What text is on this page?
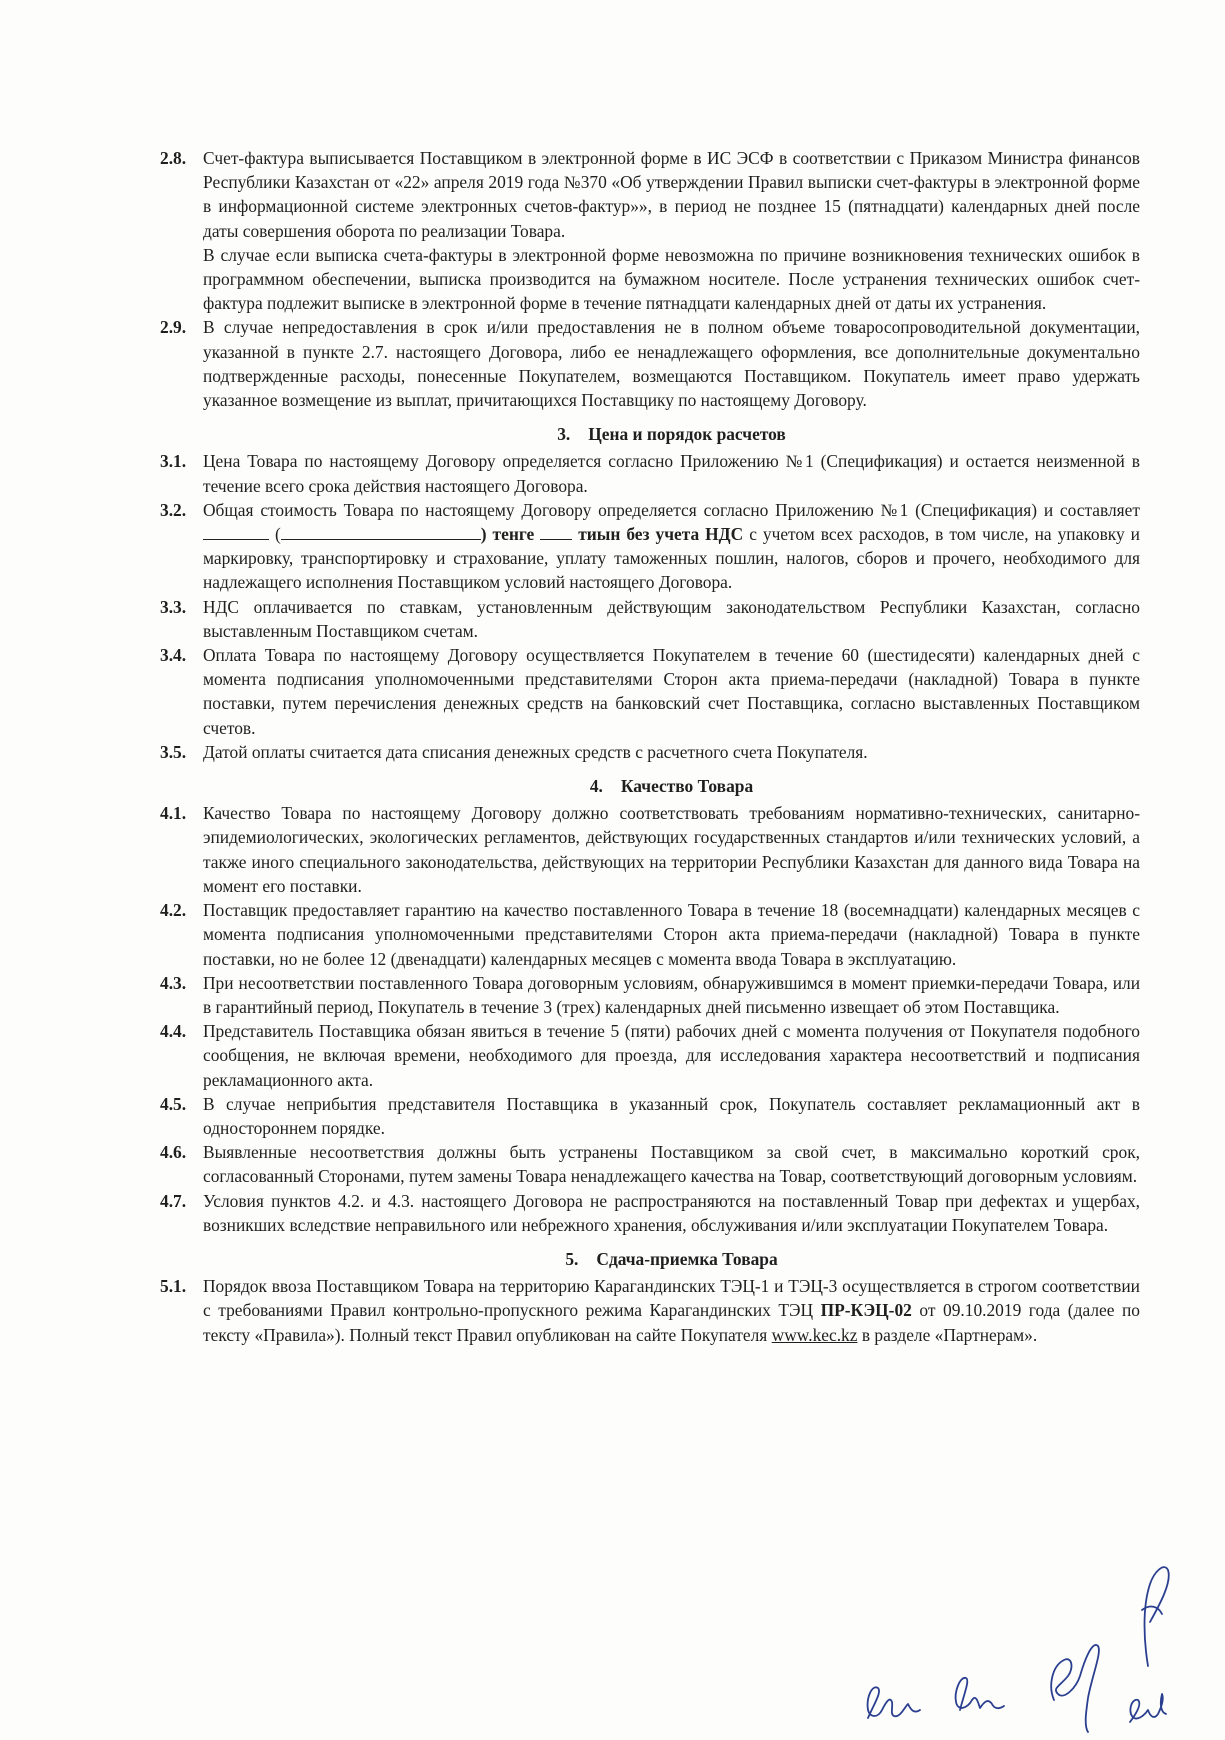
2.8. Счет-фактура выписывается Поставщиком в электронной форме в ИС ЭСФ в соответствии с Приказом Министра финансов Республики Казахстан от «22» апреля 2019 года №370 «Об утверждении Правил выписки счет-фактуры в электронной форме в информационной системе электронных счетов-фактур»», в период не позднее 15 (пятнадцати) календарных дней после даты совершения оборота по реализации Товара.

В случае если выписка счета-фактуры в электронной форме невозможна по причине возникновения технических ошибок в программном обеспечении, выписка производится на бумажном носителе. После устранения технических ошибок счет-фактура подлежит выписке в электронной форме в течение пятнадцати календарных дней от даты их устранения.

2.9. В случае непредоставления в срок и/или предоставления не в полном объеме товаросопроводительной документации, указанной в пункте 2.7. настоящего Договора, либо ее ненадлежащего оформления, все дополнительные документально подтвержденные расходы, понесенные Покупателем, возмещаются Поставщиком. Покупатель имеет право удержать указанное возмещение из выплат, причитающихся Поставщику по настоящему Договору.

3. Цена и порядок расчетов
3.1. Цена Товара по настоящему Договору определяется согласно Приложению №1 (Спецификация) и остается неизменной в течение всего срока действия настоящего Договора.

3.2. Общая стоимость Товара по настоящему Договору определяется согласно Приложению №1 (Спецификация) и составляет  (	) тенге	тиын без учета НДС с учетом всех расходов, в том числе, на упаковку и маркировку, транспортировку и страхование, уплату таможенных пошлин, налогов, сборов и прочего, необходимого для надлежащего исполнения Поставщиком условий настоящего Договора.

3.3. НДС оплачивается по ставкам, установленным действующим законодательством Республики Казахстан, согласно выставленным Поставщиком счетам.

3.4. Оплата Товара по настоящему Договору осуществляется Покупателем в течение 60 (шестидесяти) календарных дней с момента подписания уполномоченными представителями Сторон акта приема-передачи (накладной) Товара в пункте поставки, путем перечисления денежных средств на банковский счет Поставщика, согласно выставленных Поставщиком счетов.

3.5. Датой оплаты считается дата списания денежных средств с расчетного счета Покупателя.

4. Качество Товара
4.1. Качество Товара по настоящему Договору должно соответствовать требованиям нормативно-технических, санитарно-эпидемиологических, экологических регламентов, действующих государственных стандартов и/или технических условий, а также иного специального законодательства, действующих на территории Республики Казахстан для данного вида Товара на момент его поставки.

4.2. Поставщик предоставляет гарантию на качество поставленного Товара в течение 18 (восемнадцати) календарных месяцев с момента подписания уполномоченными представителями Сторон акта приема-передачи (накладной) Товара в пункте поставки, но не более 12 (двенадцати) календарных месяцев с момента ввода Товара в эксплуатацию.

4.3. При несоответствии поставленного Товара договорным условиям, обнаружившимся в момент приемки-передачи Товара, или в гарантийный период, Покупатель в течение 3 (трех) календарных дней письменно извещает об этом Поставщика.

4.4. Представитель Поставщика обязан явиться в течение 5 (пяти) рабочих дней с момента получения от Покупателя подобного сообщения, не включая времени, необходимого для проезда, для исследования характера несоответствий и подписания рекламационного акта.

4.5. В случае неприбытия представителя Поставщика в указанный срок, Покупатель составляет рекламационный акт в одностороннем порядке.

4.6. Выявленные несоответствия должны быть устранены Поставщиком за свой счет, в максимально короткий срок, согласованный Сторонами, путем замены Товара ненадлежащего качества на Товар, соответствующий договорным условиям.

4.7. Условия пунктов 4.2. и 4.3. настоящего Договора не распространяются на поставленный Товар при дефектах и ущербах, возникших вследствие неправильного или небрежного хранения, обслуживания и/или эксплуатации Покупателем Товара.

5. Сдача-приемка Товара
5.1. Порядок ввоза Поставщиком Товара на территорию Карагандинских ТЭЦ-1 и ТЭЦ-3 осуществляется в строгом соответствии с требованиями Правил контрольно-пропускного режима Карагандинских ТЭЦ ПР-КЭЦ-02 от 09.10.2019 года (далее по тексту «Правила»). Полный текст Правил опубликован на сайте Покупателя www.kec.kz в разделе «Партнерам».
